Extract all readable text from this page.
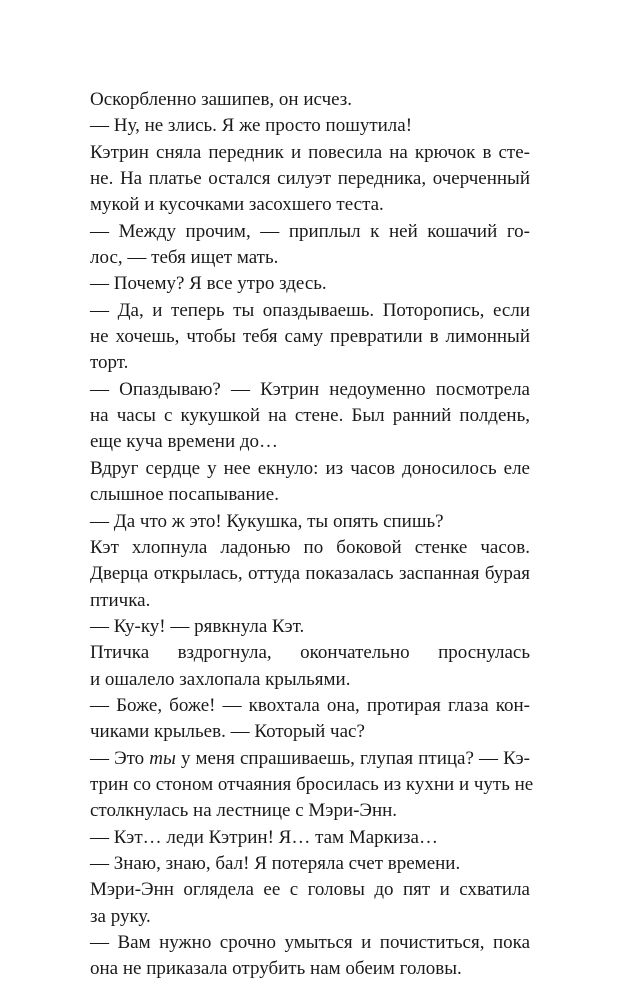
Оскорбленно зашипев, он исчез.
— Ну, не злись. Я же просто пошутила!
Кэтрин сняла передник и повесила на крючок в сте-
не. На платье остался силуэт передника, очерченный
мукой и кусочками засохшего теста.
— Между прочим, — приплыл к ней кошачий го-
лос, — тебя ищет мать.
— Почему? Я все утро здесь.
— Да, и теперь ты опаздываешь. Поторопись, если
не хочешь, чтобы тебя саму превратили в лимонный
торт.
— Опаздываю? — Кэтрин недоуменно посмотрела
на часы с кукушкой на стене. Был ранний полдень,
еще куча времени до…
Вдруг сердце у нее екнуло: из часов доносилось еле
слышное посапывание.
— Да что ж это! Кукушка, ты опять спишь?
Кэт хлопнула ладонью по боковой стенке часов.
Дверца открылась, оттуда показалась заспанная бурая
птичка.
— Ку-ку! — рявкнула Кэт.
Птичка вздрогнула, окончательно проснулась
и ошалело захлопала крыльями.
— Боже, боже! — квохтала она, протирая глаза кон-
чиками крыльев. — Который час?
— Это ты у меня спрашиваешь, глупая птица? — Кэ-
трин со стоном отчаяния бросилась из кухни и чуть не
столкнулась на лестнице с Мэри-Энн.
— Кэт… леди Кэтрин! Я… там Маркиза…
— Знаю, знаю, бал! Я потеряла счет времени.
Мэри-Энн оглядела ее с головы до пят и схватила
за руку.
— Вам нужно срочно умыться и почиститься, пока
она не приказала отрубить нам обеим головы.
